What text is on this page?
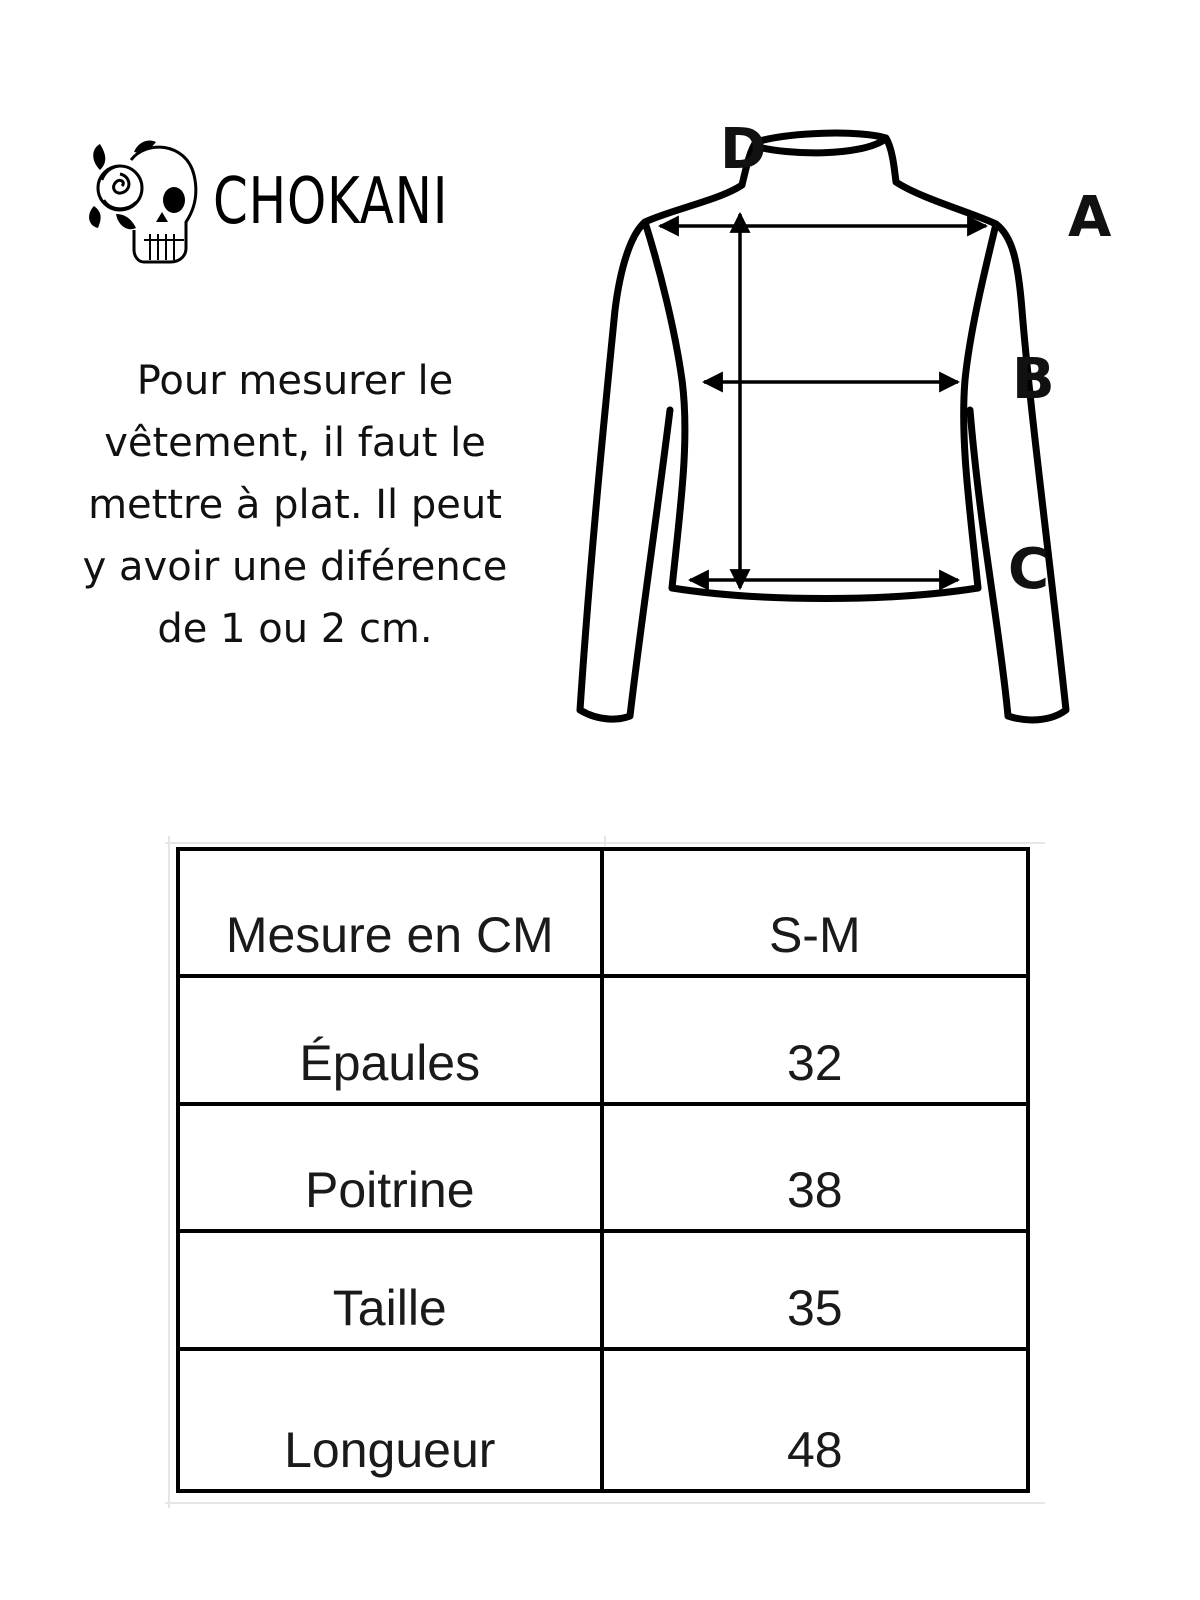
CHOKANI
Pour mesurer le
vêtement, il faut le
mettre à plat. Il peut
y avoir une diférence
de 1 ou 2 cm.
D
A
B
C
Mesure en CM	S-M
Épaules	32
Poitrine	38
Taille	35
Longueur	48
